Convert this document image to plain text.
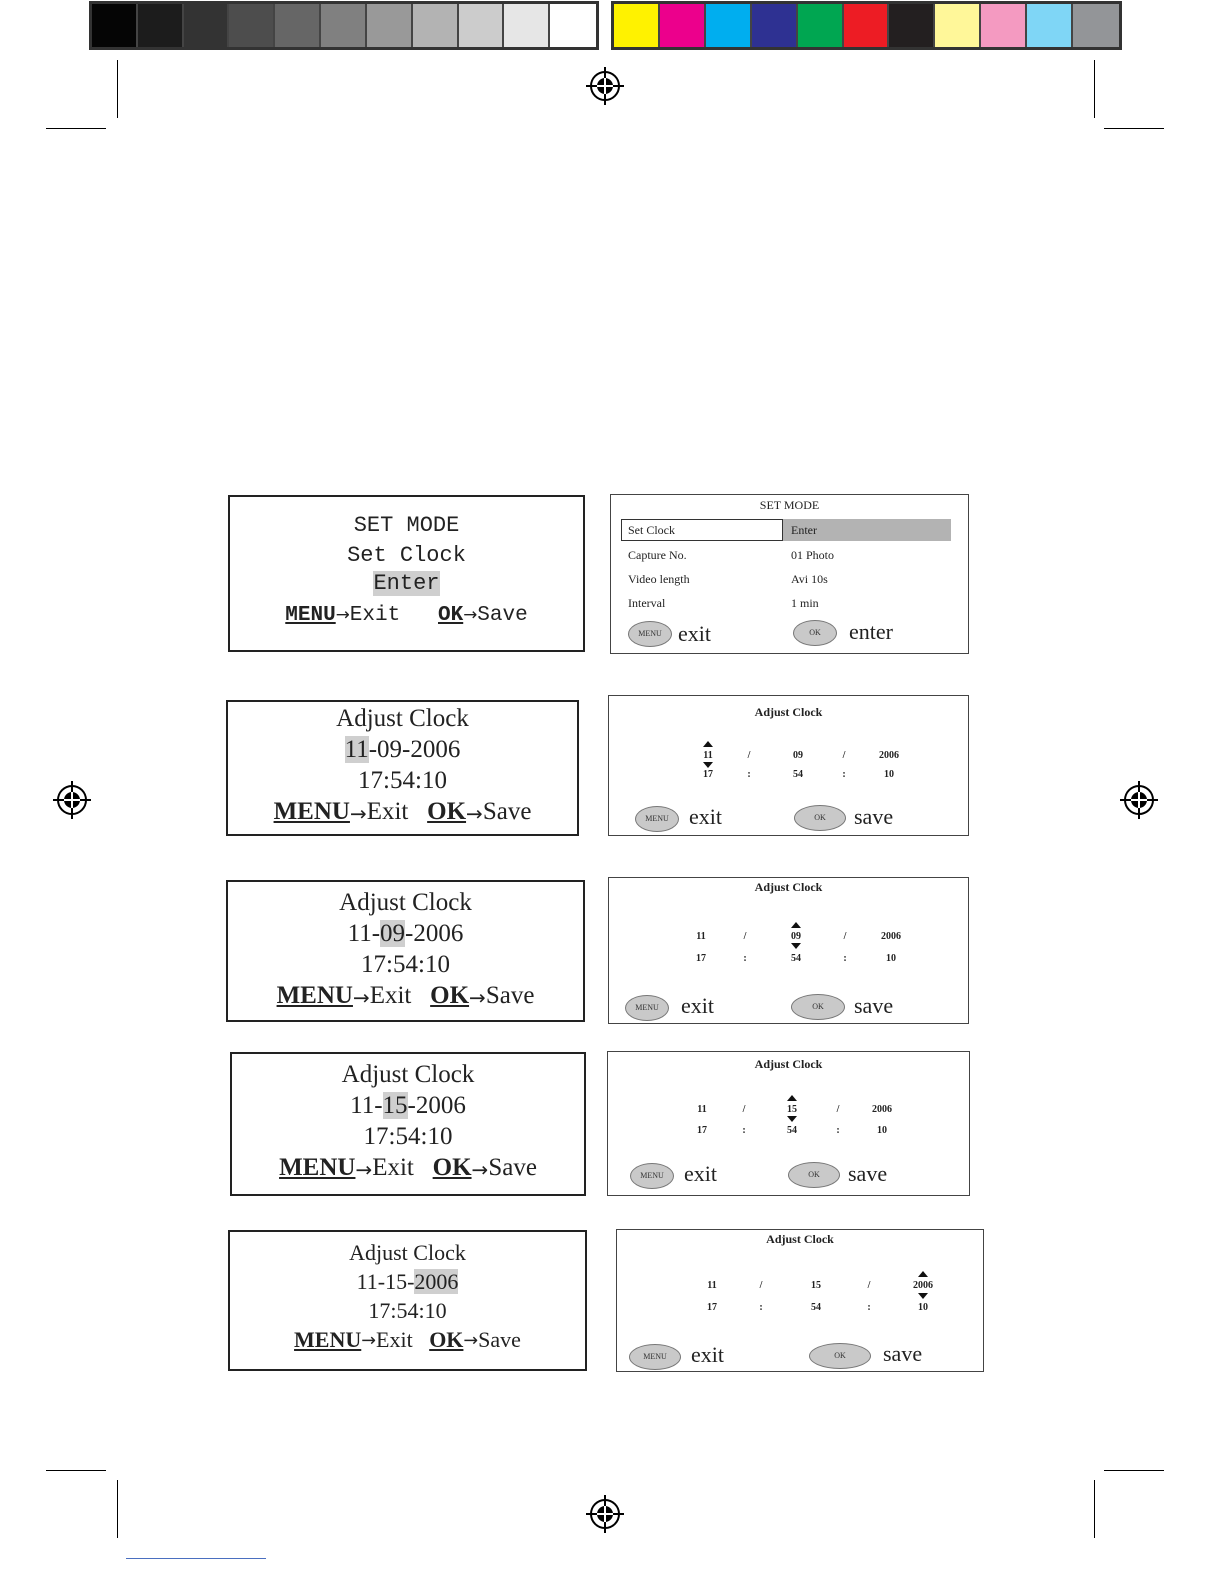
SET MODE
Set Clock
Enter
MENU→Exit OK→Save
SET MODE
Set Clock	Enter
Capture No.	01 Photo
Video length	Avi 10s
Interval	1 min
MENU exit	OK	enter
Adjust Clock
11-09-2006
17:54:10
MENU→Exit OK→Save
Adjust Clock
11-09-2006
17:54:10
MENU→Exit OK→Save
Adjust Clock
11-15-2006
17:54:10
MENU→Exit OK→Save
Adjust Clock
11-15-2006
17:54:10
MENU→Exit OK→Save
Adjust Clock
11	/	09	/	2006
17	:	54	:	10
MENU exit	OK	save
Adjust Clock
11	/	09	/	2006
17	:	54	:	10
MENU	exit	OK	save
Adjust Clock
11	/	15	/	2006
17	:	54	:	10
MENU exit	OK	save
Adjust Clock
11	/	15	/	2006
17	:	54	:	10
MENU	exit	OK	save
